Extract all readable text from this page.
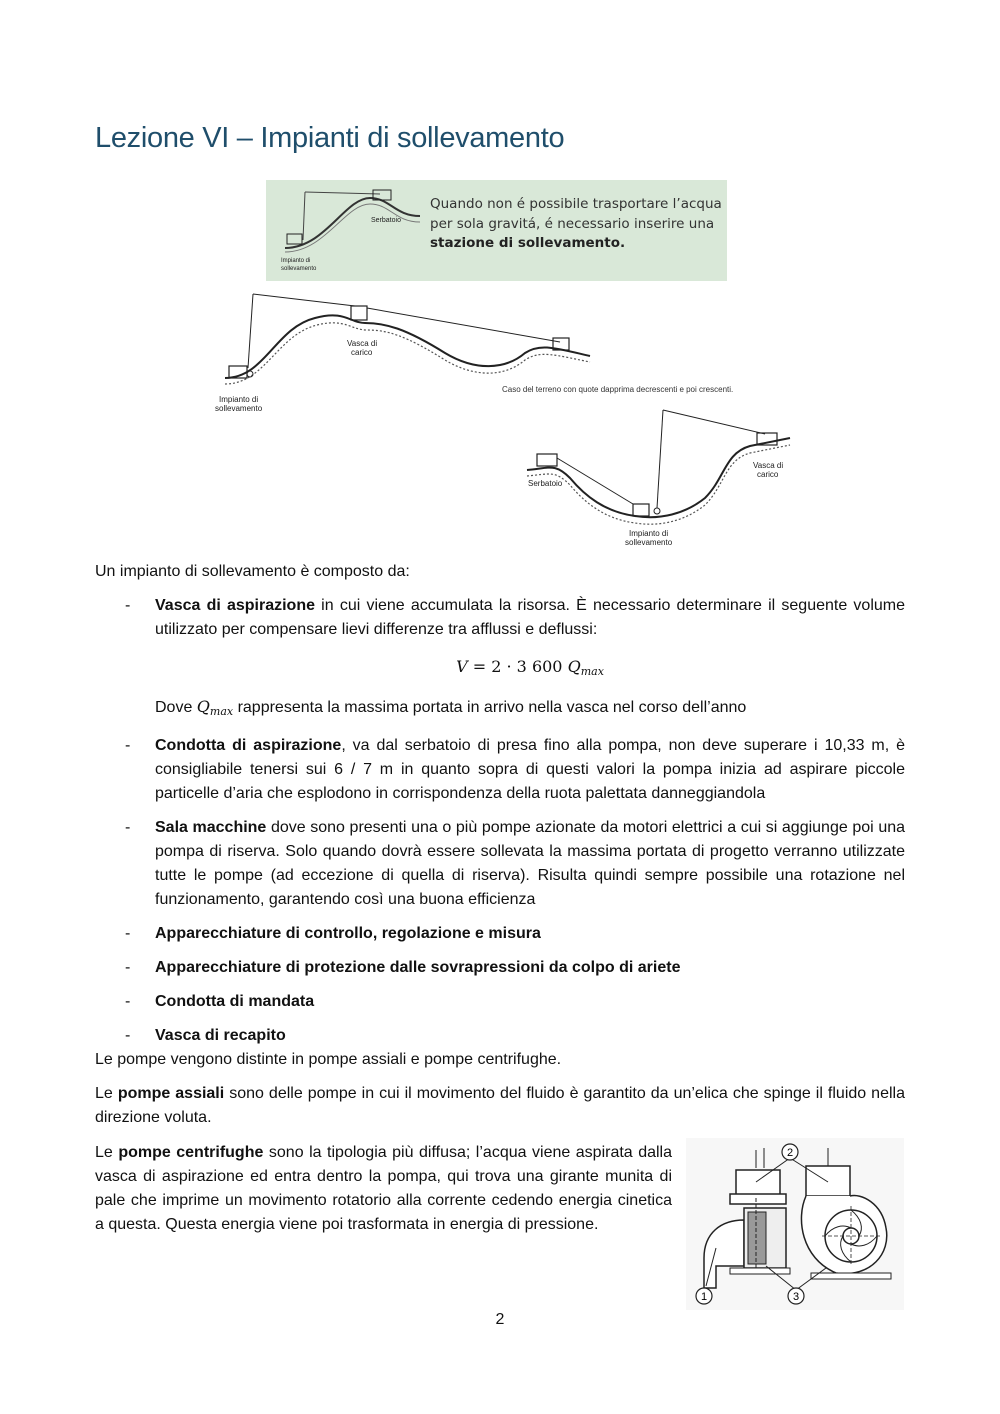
Lezione VI – Impianti di sollevamento
Serbatoio
Impianto di
sollevamento
Quando non é possibile trasportare l’acqua
per sola gravitá, é necessario inserire una
stazione di sollevamento.
Vasca di
carico
Impianto di
sollevamento
Caso del terreno con quote dapprima decrescenti e poi crescenti.
Serbatoio
Vasca di
carico
Impianto di
sollevamento
Un impianto di sollevamento è composto da:
- Vasca di aspirazione in cui viene accumulata la risorsa. È necessario determinare il seguente volume utilizzato per compensare lievi differenze tra afflussi e deflussi:
V = 2 · 3 600 $Q_{max}$
Dove $Q_{max}$ rappresenta la massima portata in arrivo nella vasca nel corso dell’anno
- Condotta di aspirazione, va dal serbatoio di presa fino alla pompa, non deve superare i 10,33 m, è consigliabile tenersi sui 6 / 7 m in quanto sopra di questi valori la pompa inizia ad aspirare piccole particelle d’aria che esplodono in corrispondenza della ruota palettata danneggiandola
- Sala macchine dove sono presenti una o più pompe azionate da motori elettrici a cui si aggiunge poi una pompa di riserva. Solo quando dovrà essere sollevata la massima portata di progetto verranno utilizzate tutte le pompe (ad eccezione di quella di riserva). Risulta quindi sempre possibile una rotazione nel funzionamento, garantendo così una buona efficienza
- Apparecchiature di controllo, regolazione e misura
- Apparecchiature di protezione dalle sovrapressioni da colpo di ariete
- Condotta di mandata
- Vasca di recapito
Le pompe vengono distinte in pompe assiali e pompe centrifughe.
Le pompe assiali sono delle pompe in cui il movimento del fluido è garantito da un’elica che spinge il fluido nella direzione voluta.
Le pompe centrifughe sono la tipologia più diffusa; l’acqua viene aspirata dalla vasca di aspirazione ed entra dentro la pompa, qui trova una girante munita di pale che imprime un movimento rotatorio alla corrente cedendo energia cinetica a questa. Questa energia viene poi trasformata in energia di pressione.
2
1	3
2
